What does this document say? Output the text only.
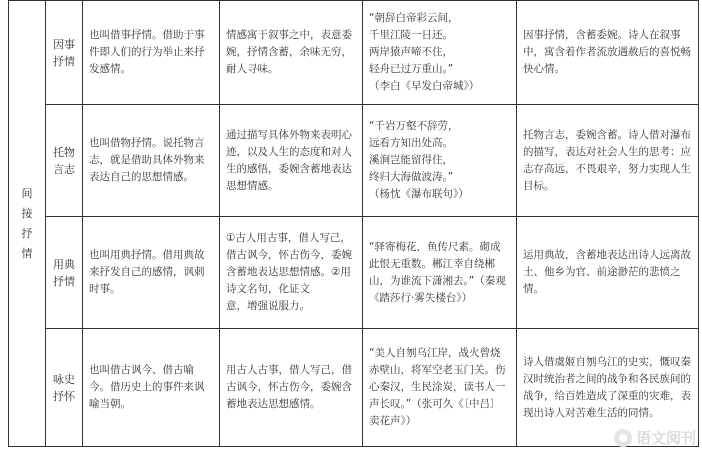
间
接
抒
情	因事
抒情	也叫借事抒情。借助于事件即人们的行为举止来抒发感情。	情感寓于叙事之中，表意委婉，抒情含蓄，余味无穷，耐人寻味。	“朝辞白帝彩云间，
千里江陵一日还。
两岸猿声啼不住，
轻舟已过万重山。”
（李白《早发白帝城》）	因事抒情，含蓄委婉。诗人在叙事中，寓含着作者流放遇赦后的喜悦畅快心情。

	托物
言志	也叫借物抒情。说托物言志，就是借助具体外物来表达自己的思想情感。	通过描写具体外物来表明心迹，以及人生的态度和对人生的感悟，委婉含蓄地表达思想情感。	“千岩万壑不辞劳，
远看方知出处高。
溪涧岂能留得住，
终归大海做波涛。”
（杨忱《瀑布联句》）	托物言志，委婉含蓄。诗人借对瀑布的描写，表达对社会人生的思考：应志存高远，不畏艰辛，努力实现人生目标。

	用典
抒情	也叫用典抒情。借用典故来抒发自己的感情，讽刺时事。	①古人用古事，借人写己，借古讽今，怀古伤今，委婉含蓄地表达思想情感。②用诗文名句，化证文
意，增强说服力。	“驿寄梅花，鱼传尺素。砌成此恨无重数。郴江幸自绕郴山，为谁流下潇湘去。”（秦观《踏莎行·雾失楼台》）	运用典故，含蓄地表达出诗人远离故土、他乡为官、前途渺茫的悲愤之情。

	咏史
抒怀	也叫借古讽今、借古喻今。借历史上的事件来讽喻当朝。	用古人古事，借人写己，借古讽今，怀古伤今，委婉含蓄地表达思想感情。	“美人自刎乌江岸，战火曾烧赤壁山，将军空老玉门关。伤心秦汉，生民涂炭，读书人一声长叹。”（张可久《〔中吕〕卖花声》）	诗人借虞姬自刎乌江的史实，慨叹秦汉时统治者之间的战争和各民族间的战争，给百姓造成了深重的灾难，表现出诗人对苦难生活的同情。
语文阅刊
